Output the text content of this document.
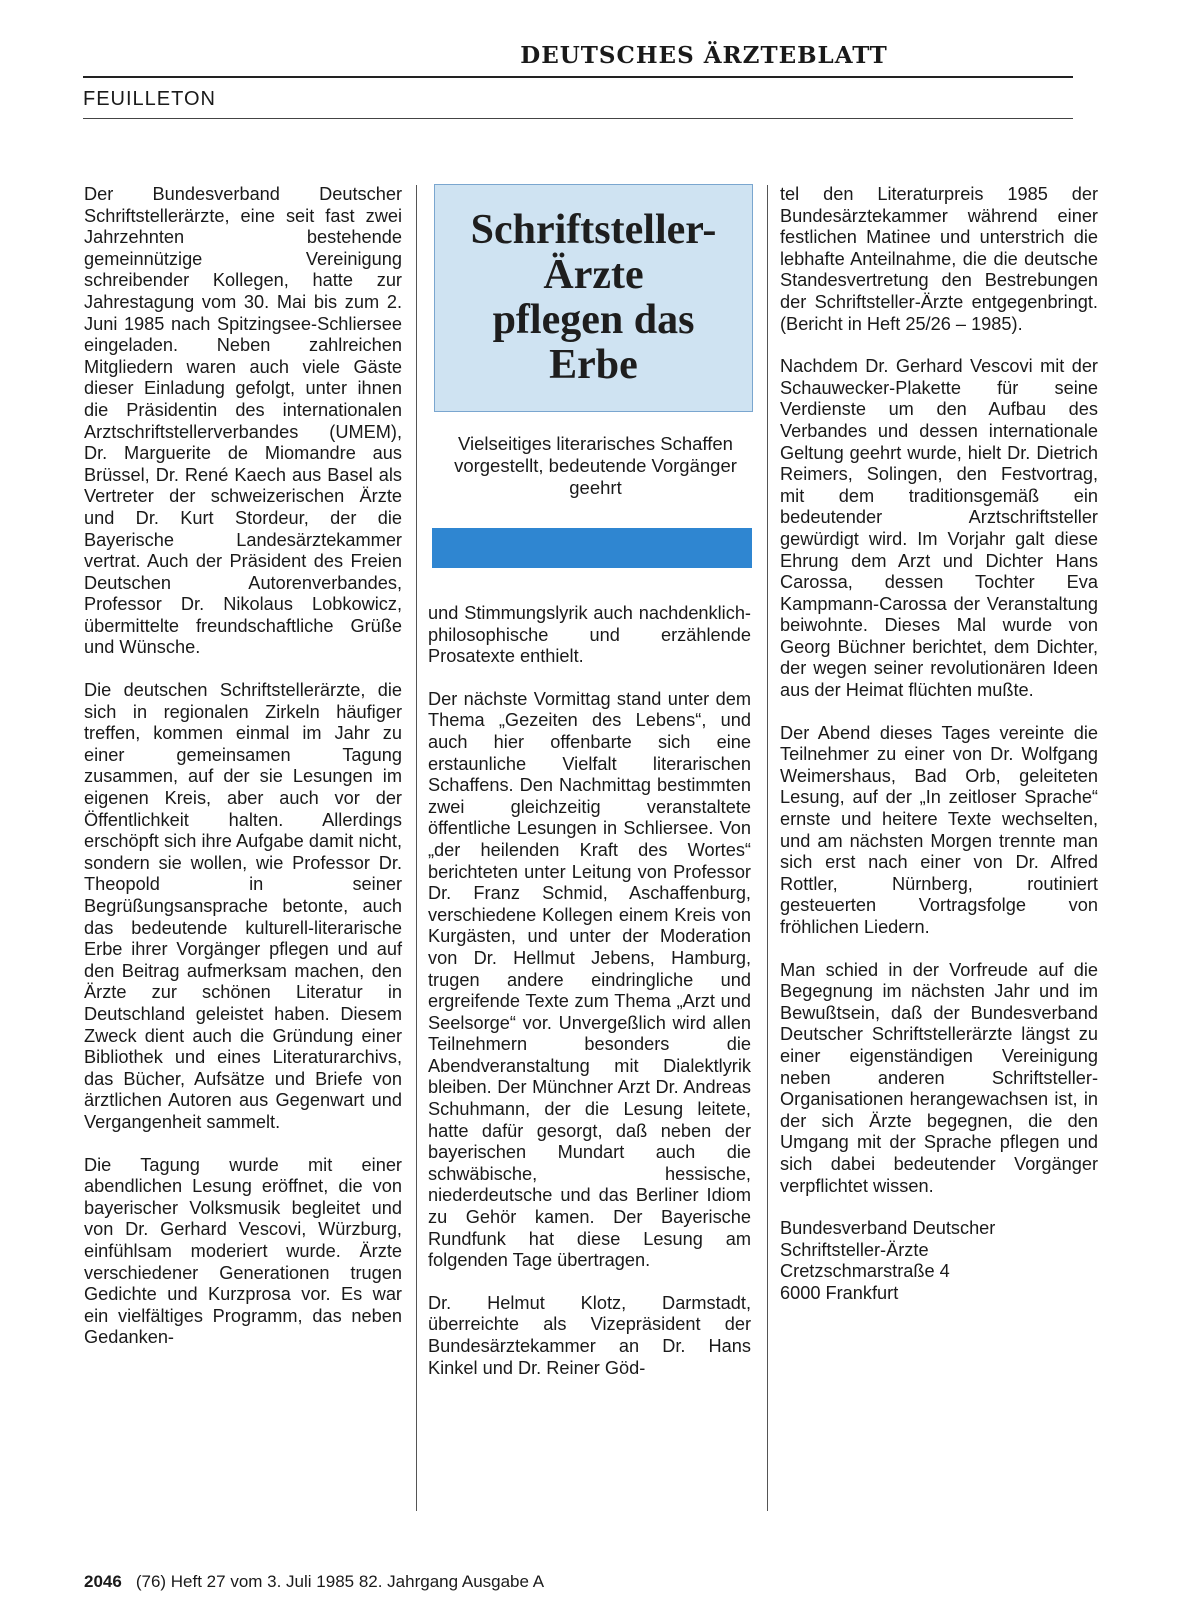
DEUTSCHES ÄRZTEBLATT
FEUILLETON

Der Bundesverband Deutscher Schriftstellerärzte, eine seit fast zwei Jahrzehnten bestehende gemeinnützige Vereinigung schreibender Kollegen, hatte zur Jahrestagung vom 30. Mai bis zum 2. Juni 1985 nach Spitzingsee-Schliersee eingeladen. Neben zahlreichen Mitgliedern waren auch viele Gäste dieser Einladung gefolgt, unter ihnen die Präsidentin des internationalen Arztschriftstellerverbandes (UMEM), Dr. Marguerite de Miomandre aus Brüssel, Dr. René Kaech aus Basel als Vertreter der schweizerischen Ärzte und Dr. Kurt Stordeur, der die Bayerische Landesärztekammer vertrat. Auch der Präsident des Freien Deutschen Autorenverbandes, Professor Dr. Nikolaus Lobkowicz, übermittelte freundschaftliche Grüße und Wünsche.

Die deutschen Schriftstellerärzte, die sich in regionalen Zirkeln häufiger treffen, kommen einmal im Jahr zu einer gemeinsamen Tagung zusammen, auf der sie Lesungen im eigenen Kreis, aber auch vor der Öffentlichkeit halten. Allerdings erschöpft sich ihre Aufgabe damit nicht, sondern sie wollen, wie Professor Dr. Theopold in seiner Begrüßungsansprache betonte, auch das bedeutende kulturell-literarische Erbe ihrer Vorgänger pflegen und auf den Beitrag aufmerksam machen, den Ärzte zur schönen Literatur in Deutschland geleistet haben. Diesem Zweck dient auch die Gründung einer Bibliothek und eines Literaturarchivs, das Bücher, Aufsätze und Briefe von ärztlichen Autoren aus Gegenwart und Vergangenheit sammelt.

Die Tagung wurde mit einer abendlichen Lesung eröffnet, die von bayerischer Volksmusik begleitet und von Dr. Gerhard Vescovi, Würzburg, einfühlsam moderiert wurde. Ärzte verschiedener Generationen trugen Gedichte und Kurzprosa vor. Es war ein vielfältiges Programm, das neben Gedanken-

Schriftsteller-
Ärzte
pflegen das
Erbe
Vielseitiges literarisches Schaffen vorgestellt, bedeutende Vorgänger geehrt

und Stimmungslyrik auch nachdenklich-philosophische und erzählende Prosatexte enthielt.

Der nächste Vormittag stand unter dem Thema „Gezeiten des Lebens“, und auch hier offenbarte sich eine erstaunliche Vielfalt literarischen Schaffens. Den Nachmittag bestimmten zwei gleichzeitig veranstaltete öffentliche Lesungen in Schliersee. Von „der heilenden Kraft des Wortes“ berichteten unter Leitung von Professor Dr. Franz Schmid, Aschaffenburg, verschiedene Kollegen einem Kreis von Kurgästen, und unter der Moderation von Dr. Hellmut Jebens, Hamburg, trugen andere eindringliche und ergreifende Texte zum Thema „Arzt und Seelsorge“ vor. Unvergeßlich wird allen Teilnehmern besonders die Abendveranstaltung mit Dialektlyrik bleiben. Der Münchner Arzt Dr. Andreas Schuhmann, der die Lesung leitete, hatte dafür gesorgt, daß neben der bayerischen Mundart auch die schwäbische, hessische, niederdeutsche und das Berliner Idiom zu Gehör kamen. Der Bayerische Rundfunk hat diese Lesung am folgenden Tage übertragen.

Dr. Helmut Klotz, Darmstadt, überreichte als Vizepräsident der Bundesärztekammer an Dr. Hans Kinkel und Dr. Reiner Göd-

tel den Literaturpreis 1985 der Bundesärztekammer während einer festlichen Matinee und unterstrich die lebhafte Anteilnahme, die die deutsche Standesvertretung den Bestrebungen der Schriftsteller-Ärzte entgegenbringt. (Bericht in Heft 25/26 – 1985).

Nachdem Dr. Gerhard Vescovi mit der Schauwecker-Plakette für seine Verdienste um den Aufbau des Verbandes und dessen internationale Geltung geehrt wurde, hielt Dr. Dietrich Reimers, Solingen, den Festvortrag, mit dem traditionsgemäß ein bedeutender Arztschriftsteller gewürdigt wird. Im Vorjahr galt diese Ehrung dem Arzt und Dichter Hans Carossa, dessen Tochter Eva Kampmann-Carossa der Veranstaltung beiwohnte. Dieses Mal wurde von Georg Büchner berichtet, dem Dichter, der wegen seiner revolutionären Ideen aus der Heimat flüchten mußte.

Der Abend dieses Tages vereinte die Teilnehmer zu einer von Dr. Wolfgang Weimershaus, Bad Orb, geleiteten Lesung, auf der „In zeitloser Sprache“ ernste und heitere Texte wechselten, und am nächsten Morgen trennte man sich erst nach einer von Dr. Alfred Rottler, Nürnberg, routiniert gesteuerten Vortragsfolge von fröhlichen Liedern.

Man schied in der Vorfreude auf die Begegnung im nächsten Jahr und im Bewußtsein, daß der Bundesverband Deutscher Schriftstellerärzte längst zu einer eigenständigen Vereinigung neben anderen Schriftsteller-Organisationen herangewachsen ist, in der sich Ärzte begegnen, die den Umgang mit der Sprache pflegen und sich dabei bedeutender Vorgänger verpflichtet wissen.

Bundesverband Deutscher
Schriftsteller-Ärzte
Cretzschmarstraße 4
6000 Frankfurt

2046 (76) Heft 27 vom 3. Juli 1985 82. Jahrgang Ausgabe A
